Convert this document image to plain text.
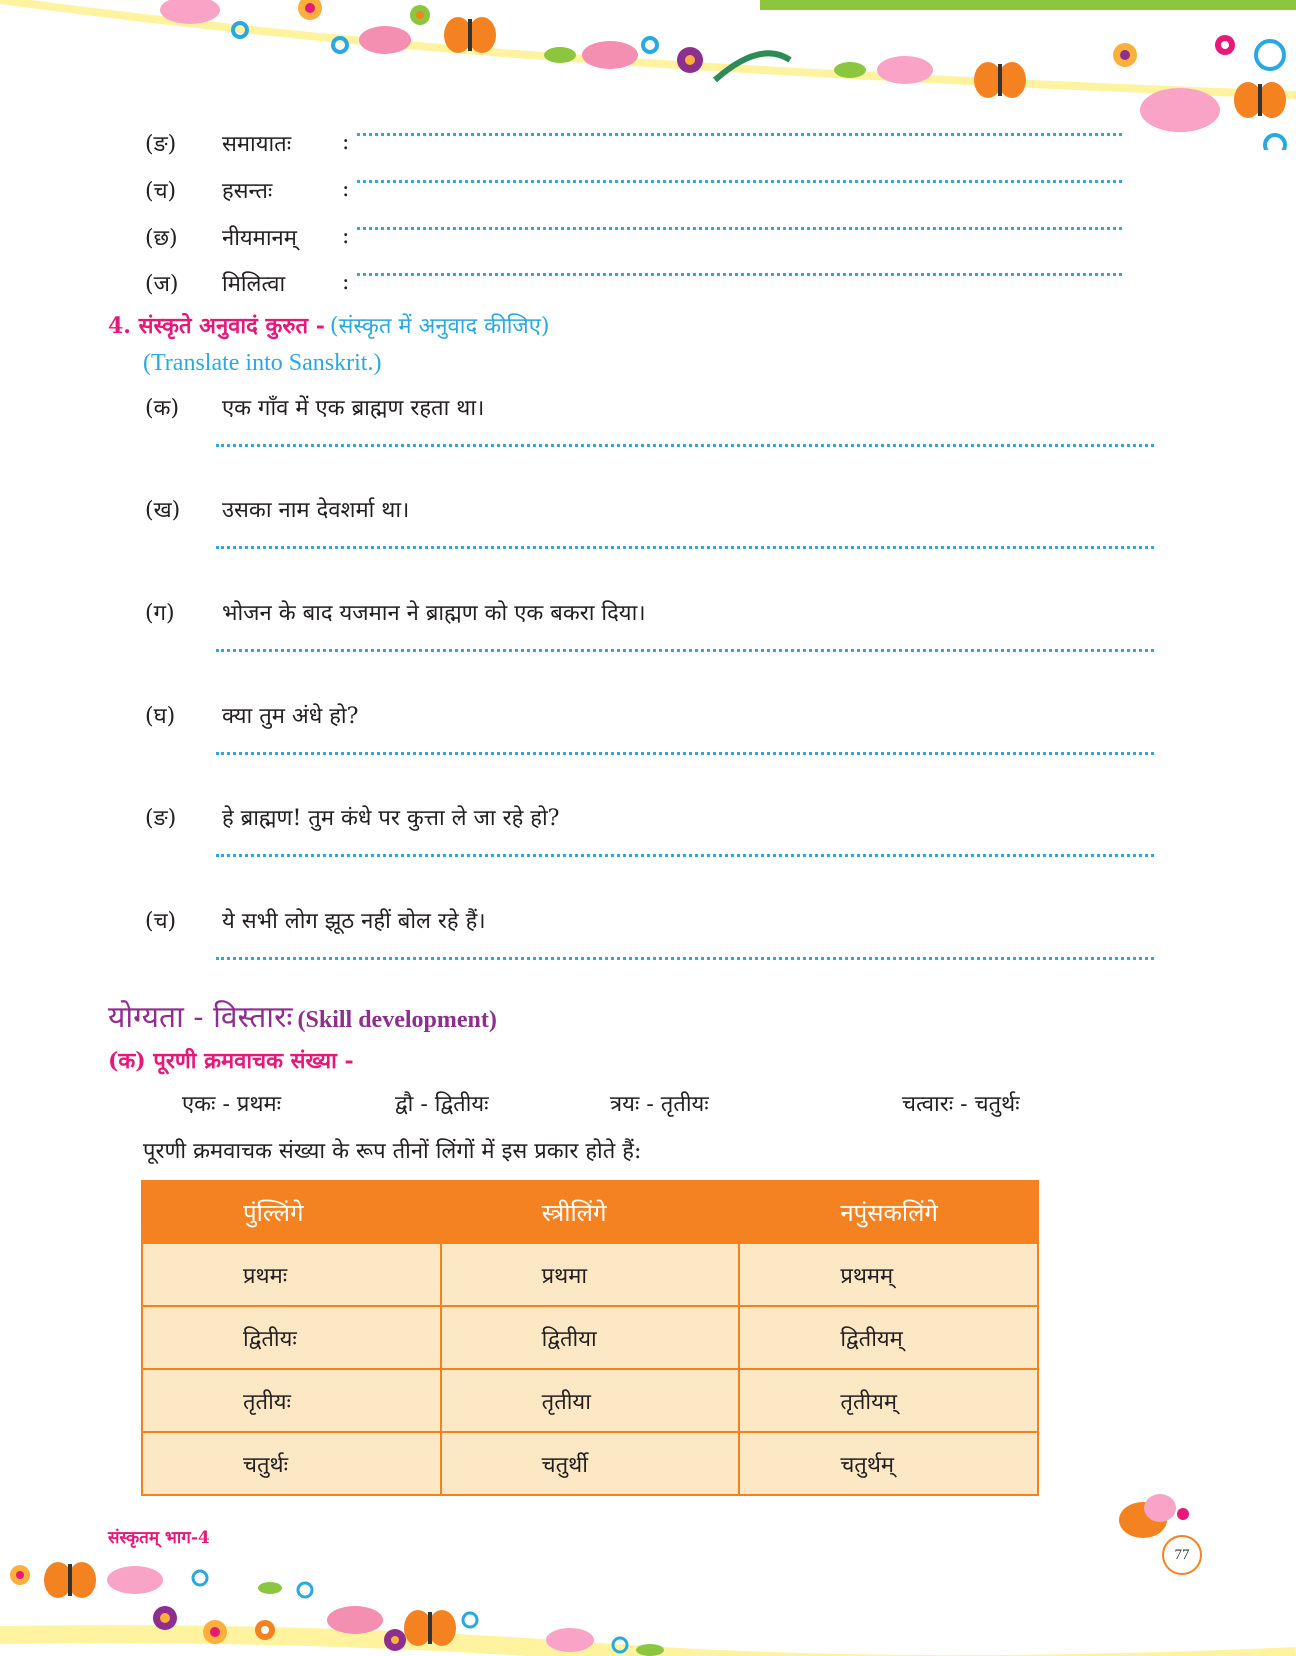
(ङ) समायातः :
(च) हसन्तः	:
(छ) नीयमानम् :
(ज) मिलित्वा	:
4. संस्कृते अनुवादं कुरुत - (संस्कृत में अनुवाद कीजिए)
(Translate into Sanskrit.)
(क) एक गाँव में एक ब्राह्मण रहता था।
(ख) उसका नाम देवशर्मा था।
(ग) भोजन के बाद यजमान ने ब्राह्मण को एक बकरा दिया।
(घ) क्या तुम अंधे हो?
(ङ) हे ब्राह्मण! तुम कंधे पर कुत्ता ले जा रहे हो?
(च) ये सभी लोग झूठ नहीं बोल रहे हैं।
योग्यता - विस्तारः (Skill development)
(क) पूरणी क्रमवाचक संख्या -
एकः - प्रथमः	द्वौ - द्वितीयः	त्रयः - तृतीयः	चत्वारः - चतुर्थः
पूरणी क्रमवाचक संख्या के रूप तीनों लिंगों में इस प्रकार होते हैं:
पुंल्लिंगे	स्त्रीलिंगे	नपुंसकलिंगे
प्रथमः	प्रथमा	प्रथमम्
द्वितीयः	द्वितीया	द्वितीयम्
तृतीयः	तृतीया	तृतीयम्
चतुर्थः	चतुर्थी	चतुर्थम्
संस्कृतम् भाग-4
77
